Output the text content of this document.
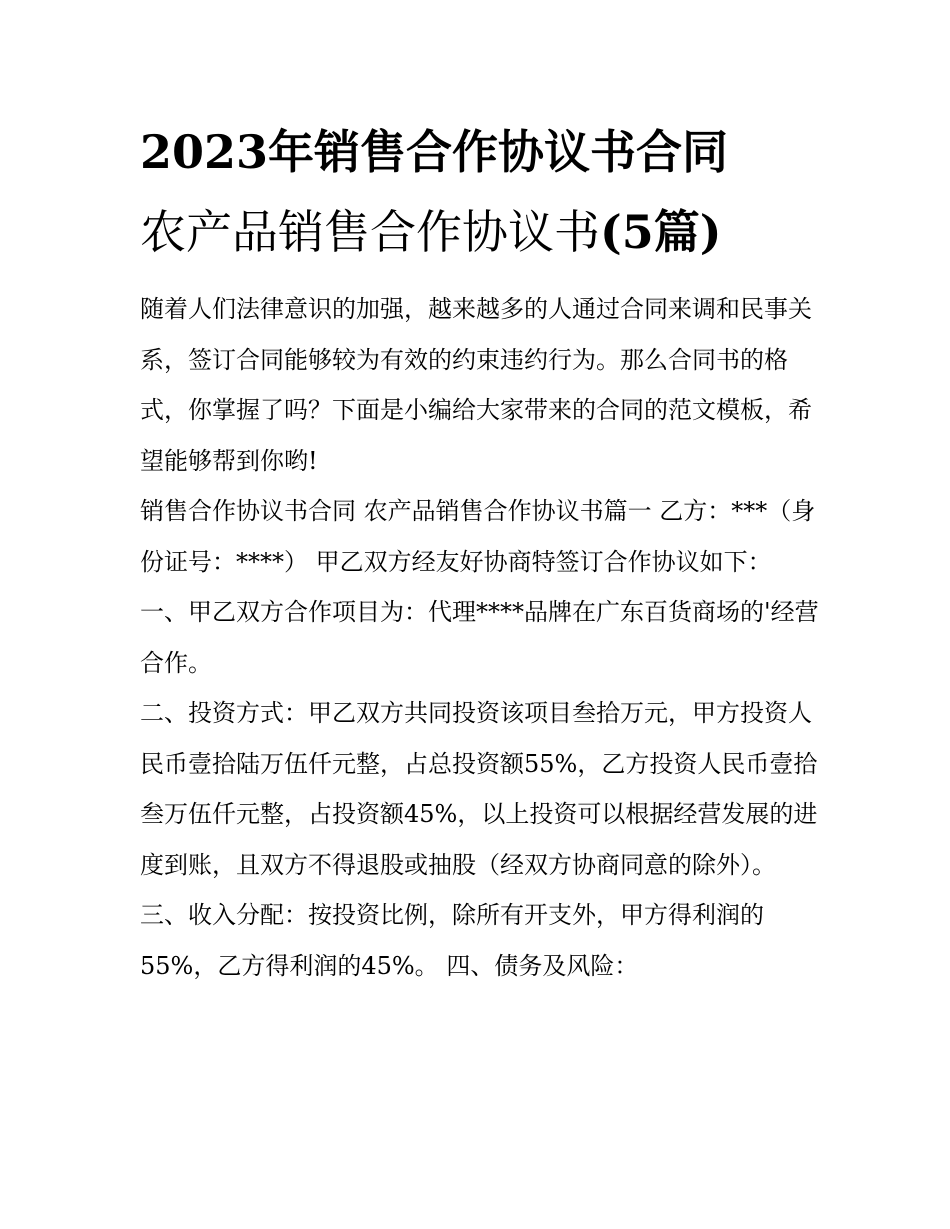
2023年销售合作协议书合同
农产品销售合作协议书(5篇)

随着人们法律意识的加强，越来越多的人通过合同来调和民事关系，签订合同能够较为有效的约束违约行为。那么合同书的格式，你掌握了吗？下面是小编给大家带来的合同的范文模板，希望能够帮到你哟!

销售合作协议书合同 农产品销售合作协议书篇一 乙方：***（身份证号：****） 甲乙双方经友好协商特签订合作协议如下：

一、甲乙双方合作项目为：代理****品牌在广东百货商场的'经营合作。

二、投资方式：甲乙双方共同投资该项目叁拾万元，甲方投资人民币壹拾陆万伍仟元整，占总投资额55%，乙方投资人民币壹拾叁万伍仟元整，占投资额45%，以上投资可以根据经营发展的进度到账，且双方不得退股或抽股（经双方协商同意的除外）。

三、收入分配：按投资比例，除所有开支外，甲方得利润的55%，乙方得利润的45%。 四、债务及风险：
